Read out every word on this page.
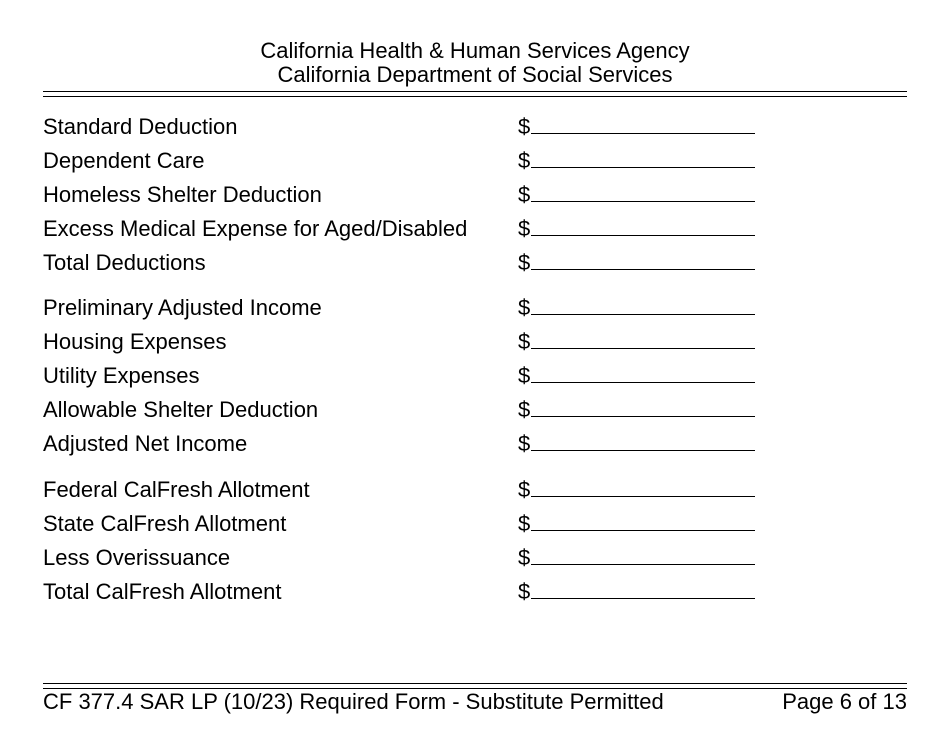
California Health & Human Services Agency
California Department of Social Services
Standard Deduction	$
Dependent Care	$
Homeless Shelter Deduction	$
Excess Medical Expense for Aged/Disabled $
Total Deductions	$
Preliminary Adjusted Income	$
Housing Expenses	$
Utility Expenses	$
Allowable Shelter Deduction	$
Adjusted Net Income	$
Federal CalFresh Allotment	$
State CalFresh Allotment	$
Less Overissuance	$
Total CalFresh Allotment	$
CF 377.4 SAR LP (10/23) Required Form - Substitute Permitted	Page 6 of 13
